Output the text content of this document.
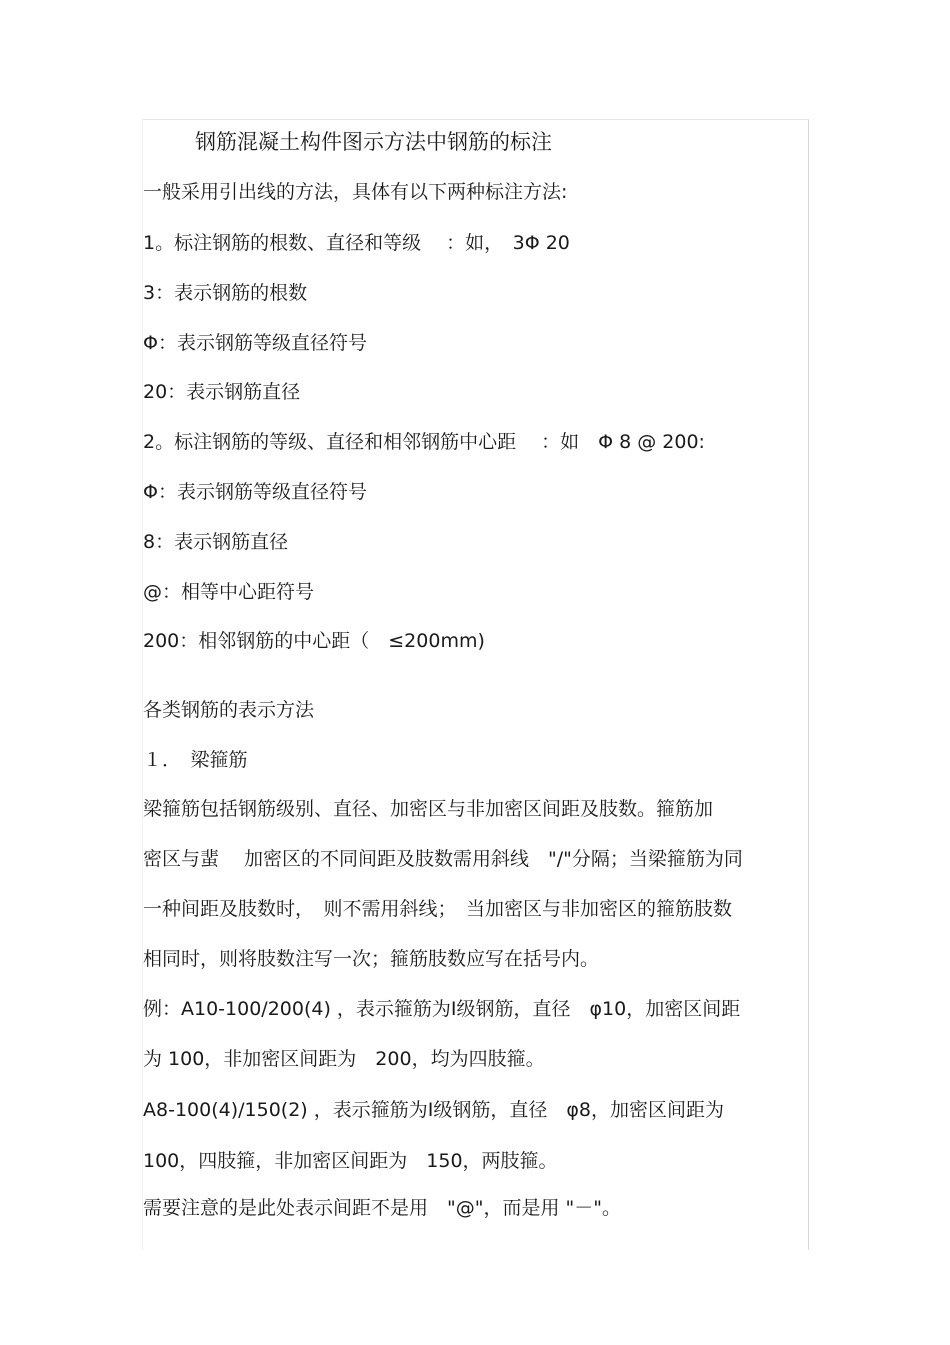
钢筋混凝土构件图示方法中钢筋的标注
一般采用引出线的方法，具体有以下两种标注方法:
1。标注钢筋的根数、直径和等级　 ：如，　3Φ 20
3：表示钢筋的根数
Φ：表示钢筋等级直径符号
20：表示钢筋直径
2。标注钢筋的等级、直径和相邻钢筋中心距　 ：如　Φ 8 @ 200:
Φ：表示钢筋等级直径符号
8：表示钢筋直径
@：相等中心距符号
200：相邻钢筋的中心距（　≤200mm)
各类钢筋的表示方法
１．　梁箍筋
梁箍筋包括钢筋级别、直径、加密区与非加密区间距及肢数。箍筋加
密区与蜚　 加密区的不同间距及肢数需用斜线　"/"分隔；当梁箍筋为同
一种间距及肢数时，　则不需用斜线；　当加密区与非加密区的箍筋肢数
相同时，则将肢数注写一次；箍筋肢数应写在括号内。
例：A10-100/200(4) ，表示箍筋为Ⅰ级钢筋，直径　φ10，加密区间距
为 100，非加密区间距为　200，均为四肢箍。
A8-100(4)/150(2) ，表示箍筋为Ⅰ级钢筋，直径　φ8，加密区间距为
100，四肢箍，非加密区间距为　150，两肢箍。
需要注意的是此处表示间距不是用　"@"，而是用 "－"。
